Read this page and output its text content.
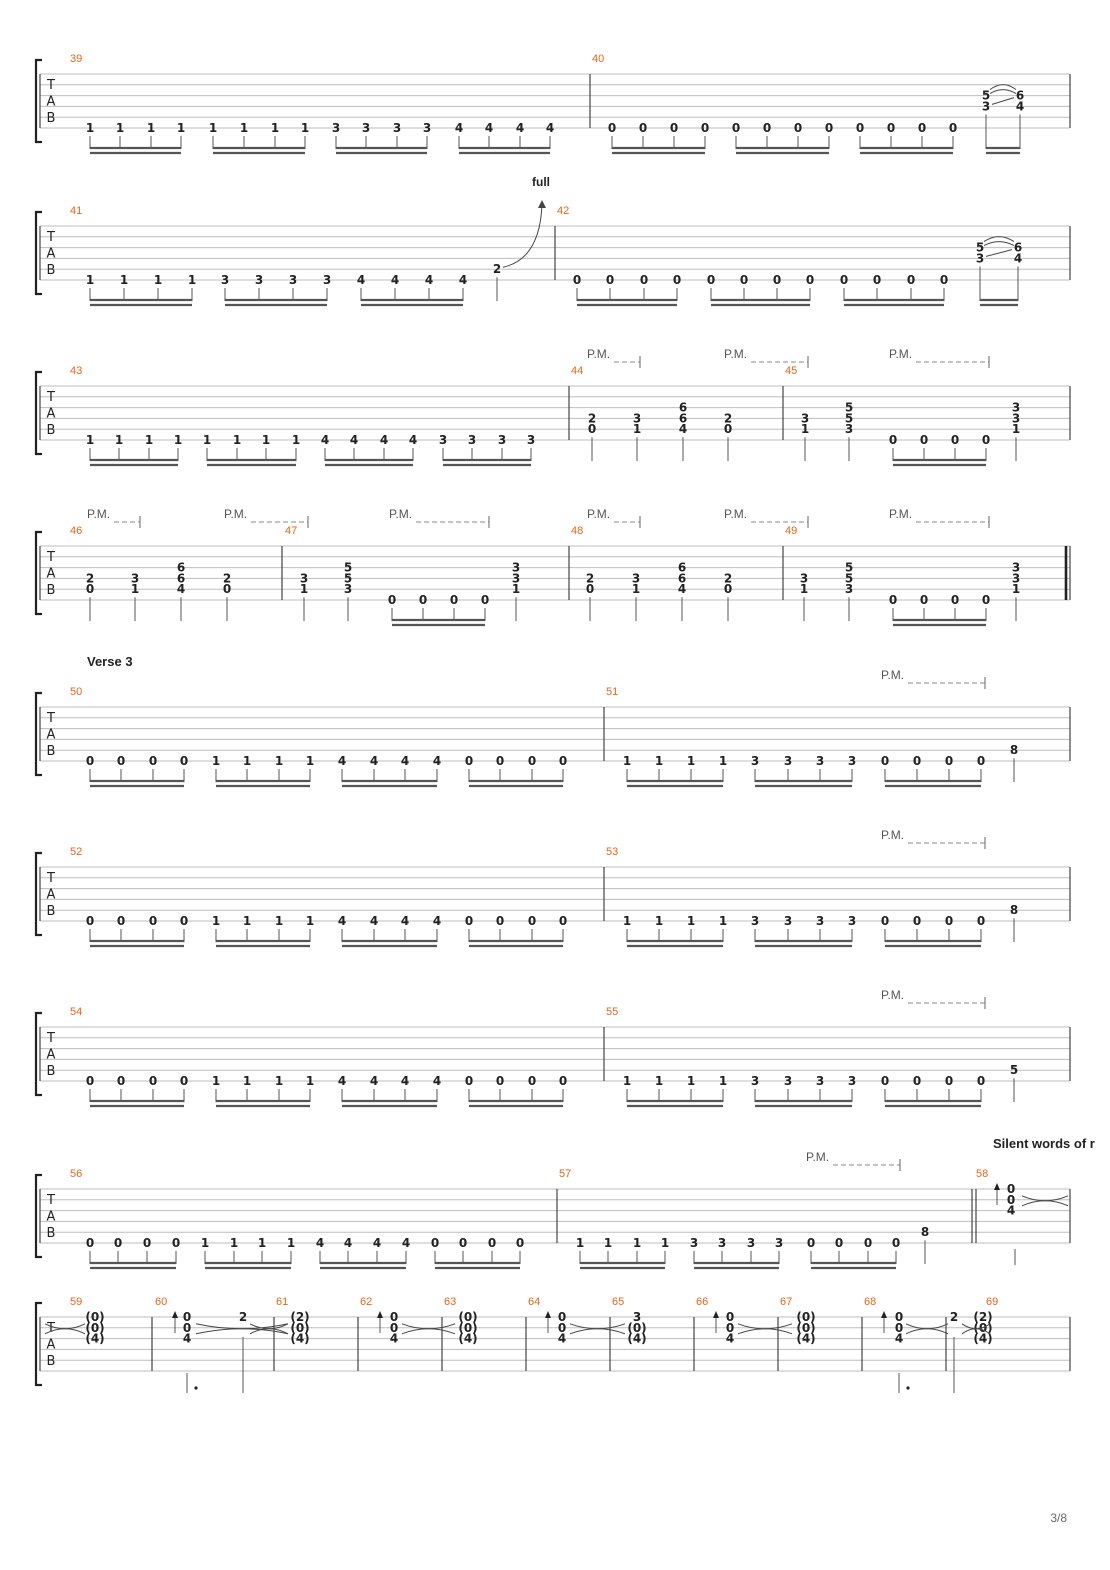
T
A
B
39	40
1 1 1 1 1 1 1 1 3 3 3 3 4 4 4 4	0 0 0 0 0 0 0 0 0 0 0 0
5
3
6
4
T
A
B
41	42
1 1 1 1 3 3 3 3 4 4 4 4
2
0 0 0 0 0 0 0 0 0 0 0 0
5
3
6
4
T
A
B
43	44	45
P.M.	P.M.	P.M.
1 1 1 1 1 1 1 1 4 4 4 4 3 3 3 3
2
0
3
1
6
6
4
2
0
3
1
5
5
3
0 0 0 0
3
3
1
T
A
B
46	47	48	49
P.M.	P.M.	P.M.	P.M.	P.M.	P.M.
2
0
3
1
6
6
4
2
0
3
1
5
5
3
0 0 0 0
3
3
1
2
0
3
1
6
6
4
2
0
3
1
5
5
3
0 0 0 0
3
3
1
T
A
B
50	51
Verse 3
P.M.
0 0 0 0 1 1 1 1 4 4 4 4 0 0 0 0	1 1 1 1 3 3 3 3 0 0 0 0
8
T
A
B
52	53
P.M.
0 0 0 0 1 1 1 1 4 4 4 4 0 0 0 0	1 1 1 1 3 3 3 3 0 0 0 0
8
T
A
B
54	55
P.M.
0 0 0 0 1 1 1 1 4 4 4 4 0 0 0 0	1 1 1 1 3 3 3 3 0 0 0 0
5
T
A
B
56	57	58
Silent words of r
P.M.
0 0 0 0 1 1 1 1 4 4 4 4 0 0 0 0	1 1 1 1 3 3 3 3 0 0 0 0
8
0
0
4
T
A
B
59	60	61	62	63	64	65	66	67	68	69
(0)
(0)
(4)
0
0
4
2	(2)
(0)
(4)
0
0
4
(0)
(0)
(4)
0
0
4
3
(0)
(4)
0
0
4
(0)
(0)
(4)
0
0
4
2 (2)
(0)
(4)
full
3/8
